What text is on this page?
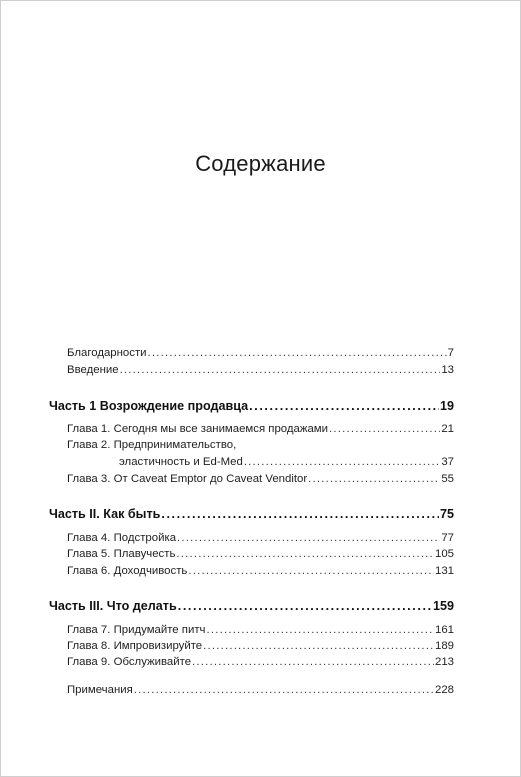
Содержание
Благодарности .....	7
Введение .....	13
Часть 1 Возрождение продавца .....	19
Глава 1. Сегодня мы все занимаемся продажами .....	21
Глава 2. Предпринимательство,
эластичность и Ed-Med .....	37
Глава 3. От Caveat Emptor до Caveat Venditor .....	55
Часть II. Как быть .....	75
Глава 4. Подстройка .....	77
Глава 5. Плавучесть .....	105
Глава 6. Доходчивость .....	131
Часть III. Что делать .....	159
Глава 7. Придумайте питч .....	161
Глава 8. Импровизируйте .....	189
Глава 9. Обслуживайте .....	213
Примечания .....	228
